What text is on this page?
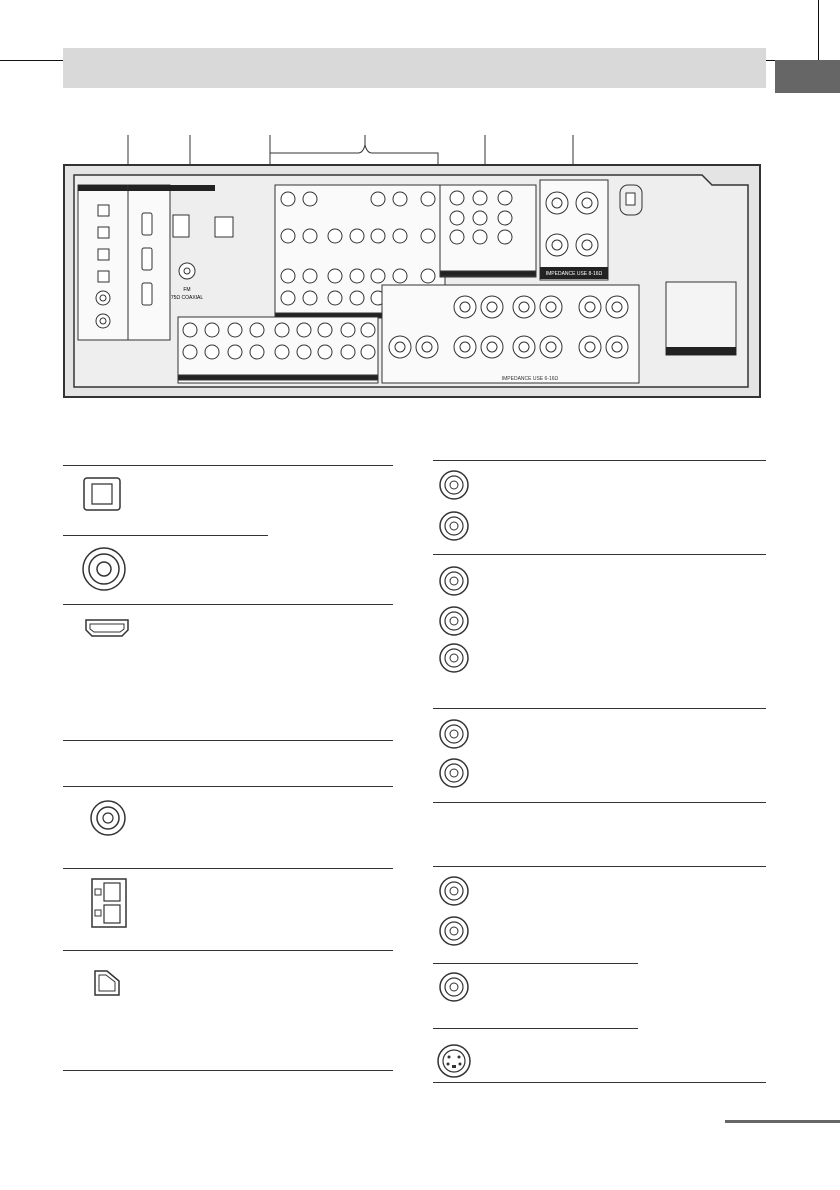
FM
75Ω COAXIAL
IMPEDANCE USE 8-16Ω
IMPEDANCE USE 6-16Ω
